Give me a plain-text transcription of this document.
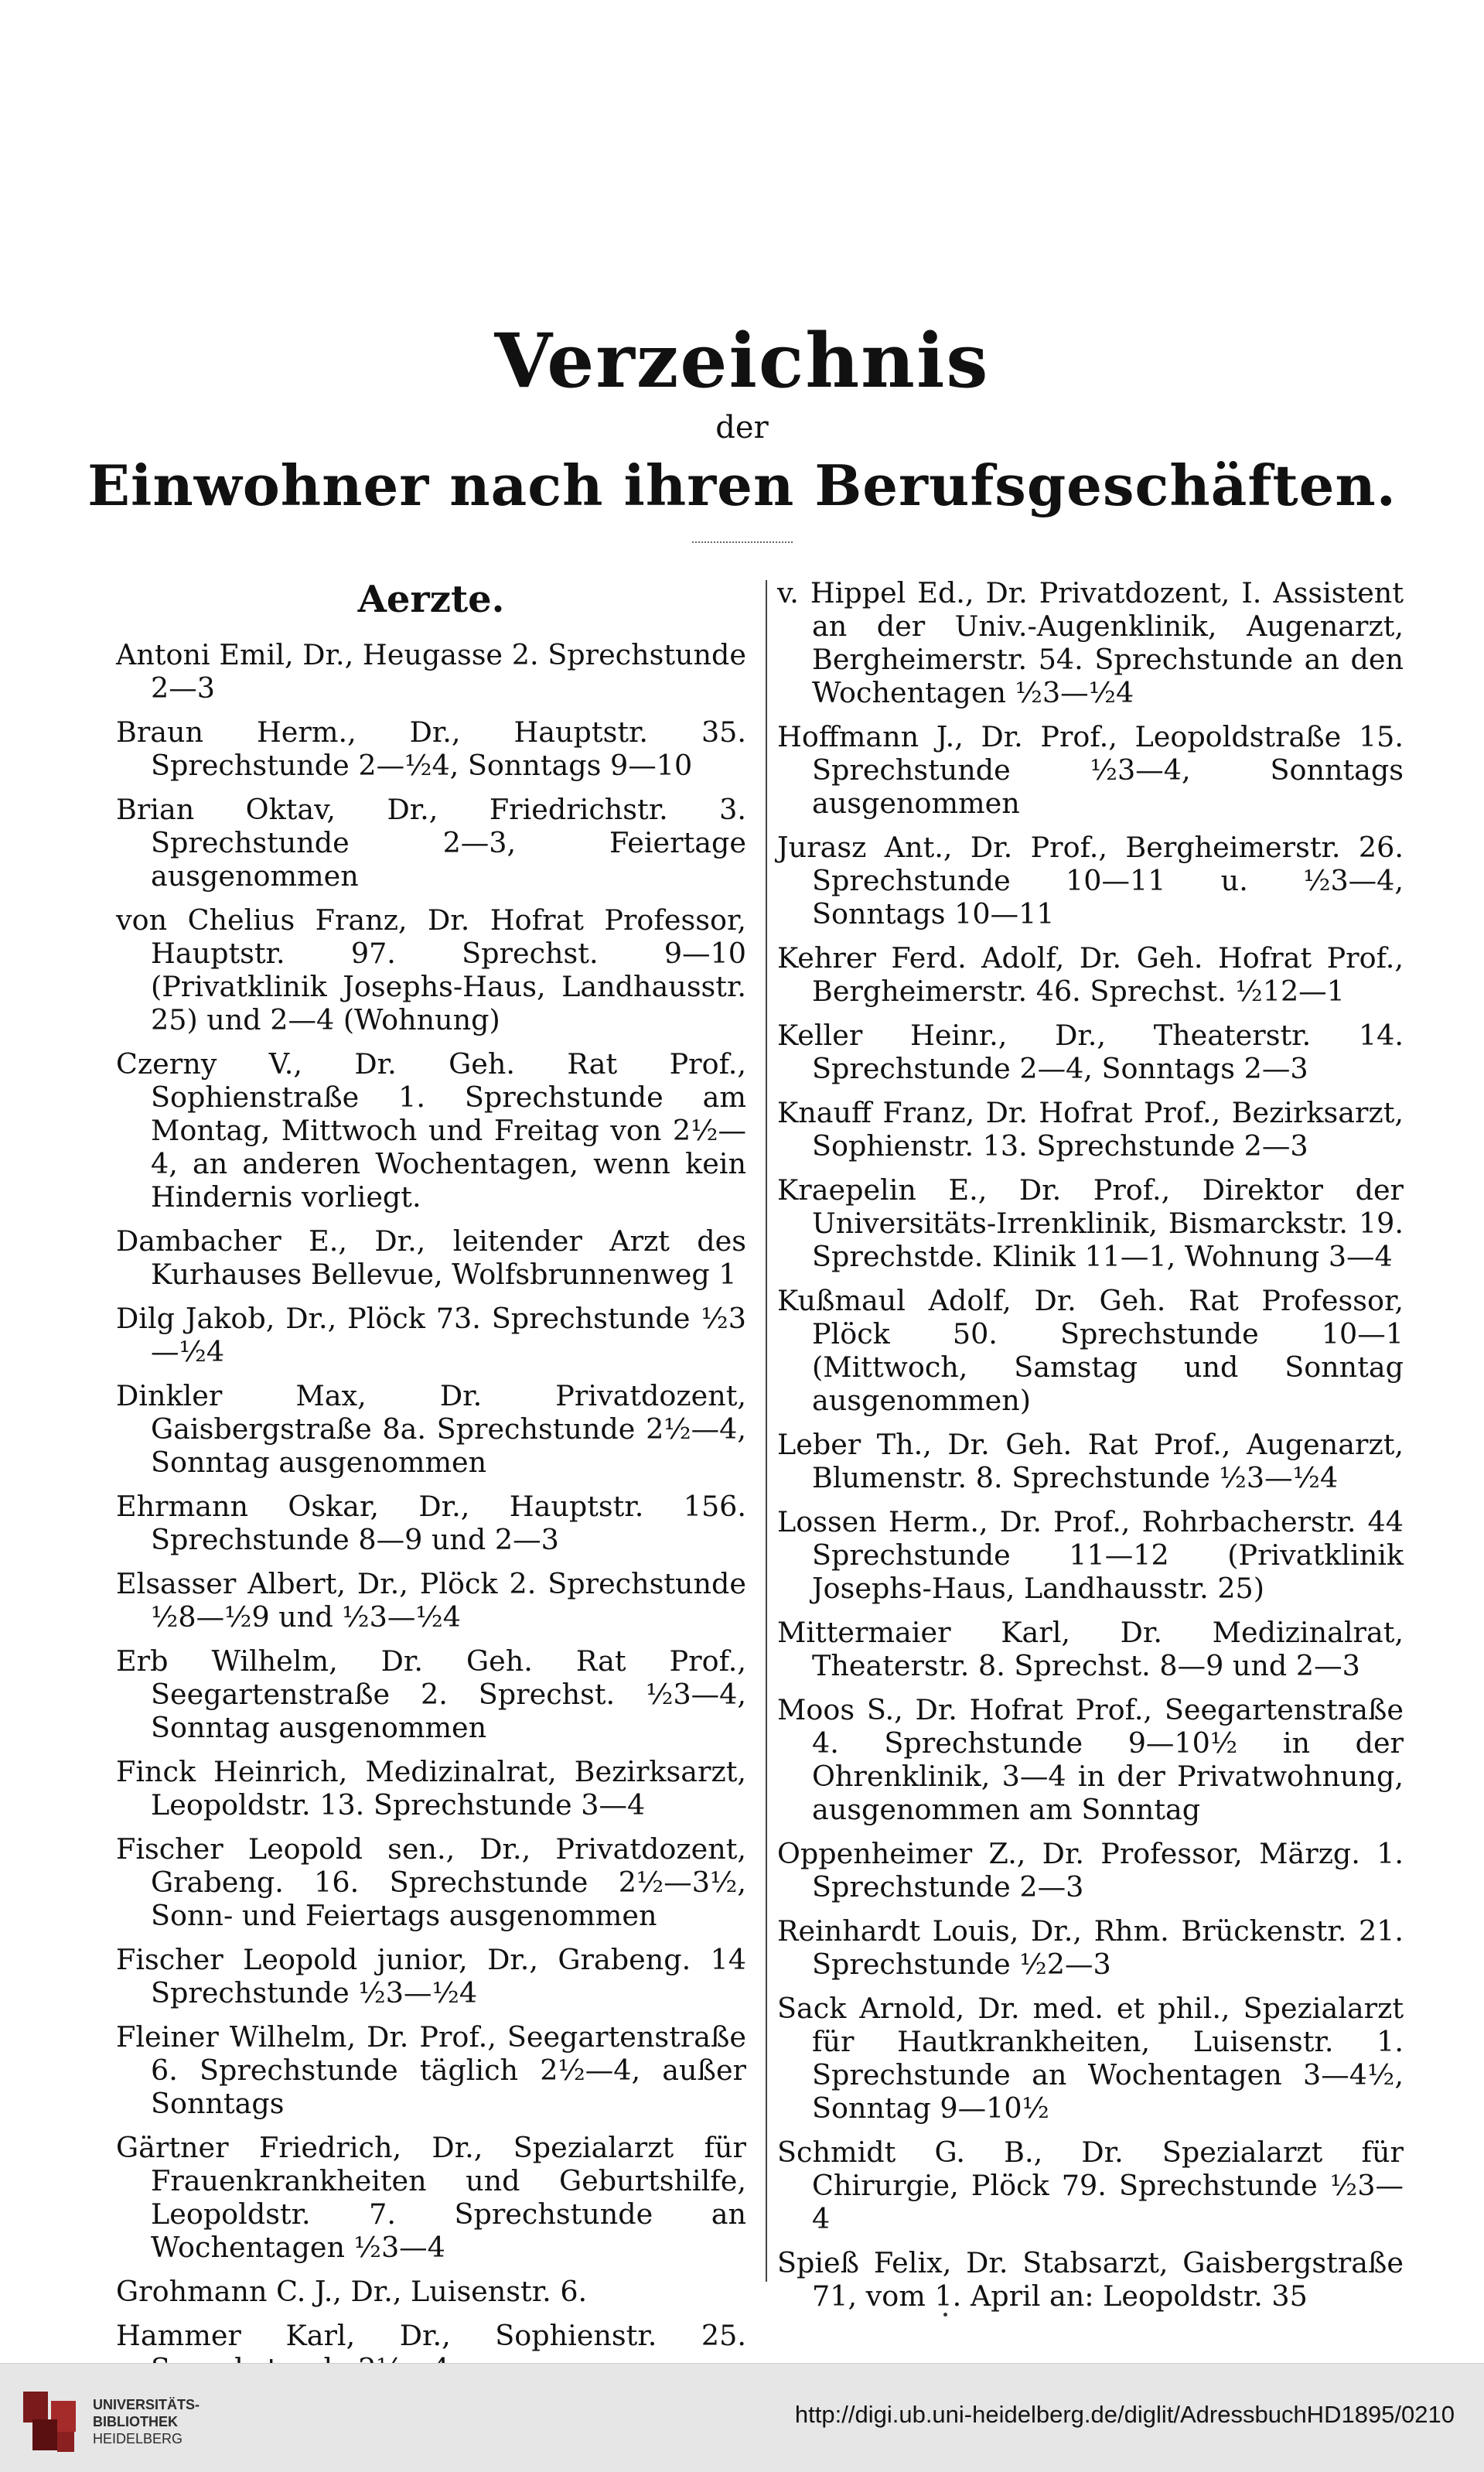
Verzeichnis
der
Einwohner nach ihren Berufsgeschäften.
Aerzte.

Antoni Emil, Dr., Heugasse 2. Sprechstunde 2—3

Braun Herm., Dr., Hauptstr. 35. Sprechstunde 2—½4, Sonntags 9—10

Brian Oktav, Dr., Friedrichstr. 3. Sprechstunde 2—3, Feiertage ausgenommen

von Chelius Franz, Dr. Hofrat Professor, Hauptstr. 97. Sprechst. 9—10 (Privatklinik Josephs-Haus, Landhausstr. 25) und 2—4 (Wohnung)

Czerny V., Dr. Geh. Rat Prof., Sophienstraße 1. Sprechstunde am Montag, Mittwoch und Freitag von 2½—4, an anderen Wochentagen, wenn kein Hindernis vorliegt.

Dambacher E., Dr., leitender Arzt des Kurhauses Bellevue, Wolfsbrunnenweg 1

Dilg Jakob, Dr., Plöck 73. Sprechstunde ½3—½4

Dinkler Max, Dr. Privatdozent, Gaisbergstraße 8a. Sprechstunde 2½—4, Sonntag ausgenommen

Ehrmann Oskar, Dr., Hauptstr. 156. Sprechstunde 8—9 und 2—3

Elsasser Albert, Dr., Plöck 2. Sprechstunde ½8—½9 und ½3—½4

Erb Wilhelm, Dr. Geh. Rat Prof., Seegartenstraße 2. Sprechst. ½3—4, Sonntag ausgenommen

Finck Heinrich, Medizinalrat, Bezirksarzt, Leopoldstr. 13. Sprechstunde 3—4

Fischer Leopold sen., Dr., Privatdozent, Grabeng. 16. Sprechstunde 2½—3½, Sonn- und Feiertags ausgenommen

Fischer Leopold junior, Dr., Grabeng. 14 Sprechstunde ½3—½4

Fleiner Wilhelm, Dr. Prof., Seegartenstraße 6. Sprechstunde täglich 2½—4, außer Sonntags

Gärtner Friedrich, Dr., Spezialarzt für Frauenkrankheiten und Geburtshilfe, Leopoldstr. 7. Sprechstunde an Wochentagen ½3—4

Grohmann C. J., Dr., Luisenstr. 6.

Hammer Karl, Dr., Sophienstr. 25.

v. Hippel Ed., Dr. Privatdozent, I. Assistent an der Univ.-Augenklinik, Augenarzt, Bergheimerstr. 54. Sprechstunde an den Wochentagen ½3—½4

Hoffmann J., Dr. Prof., Leopoldstraße 15. Sprechstunde ½3—4, Sonntags ausgenommen

Jurasz Ant., Dr. Prof., Bergheimerstr. 26. Sprechstunde 10—11 u. ½3—4, Sonntags 10—11

Kehrer Ferd. Adolf, Dr. Geh. Hofrat Prof., Bergheimerstr. 46. Sprechst. ½12—1

Keller Heinr., Dr., Theaterstr. 14. Sprechstunde 2—4, Sonntags 2—3

Knauff Franz, Dr. Hofrat Prof., Bezirksarzt, Sophienstr. 13. Sprechstunde 2—3

Kraepelin E., Dr. Prof., Direktor der Universitäts-Irrenklinik, Bismarckstr. 19. Sprechstde. Klinik 11—1, Wohnung 3—4

Kußmaul Adolf, Dr. Geh. Rat Professor, Plöck 50. Sprechstunde 10—1 (Mittwoch, Samstag und Sonntag ausgenommen)

Leber Th., Dr. Geh. Rat Prof., Augenarzt, Blumenstr. 8. Sprechstunde ½3—½4

Lossen Herm., Dr. Prof., Rohrbacherstr. 44 Sprechstunde 11—12 (Privatklinik Josephs-Haus, Landhausstr. 25)

Mittermaier Karl, Dr. Medizinalrat, Theaterstr. 8. Sprechst. 8—9 und 2—3

Moos S., Dr. Hofrat Prof., Seegartenstraße 4. Sprechstunde 9—10½ in der Ohrenklinik, 3—4 in der Privatwohnung, ausgenommen am Sonntag

Oppenheimer Z., Dr. Professor, Märzg. 1. Sprechstunde 2—3

Reinhardt Louis, Dr., Rhm. Brückenstr. 21. Sprechstunde ½2—3

Sack Arnold, Dr. med. et phil., Spezialarzt für Hautkrankheiten, Luisenstr. 1. Sprechstunde an Wochentagen 3—4½, Sonntag 9—10½

Schmidt G. B., Dr. Spezialarzt für Chirurgie, Plöck 79. Sprechstunde ½3—4

Spieß Felix, Dr. Stabsarzt, Gaisbergstraße 71, vom 1. April an: Leopoldstr. 35

UNIVERSITÄTS-
BIBLIOTHEK
HEIDELBERG
http://digi.ub.uni-heidelberg.de/diglit/AdressbuchHD1895/0210
